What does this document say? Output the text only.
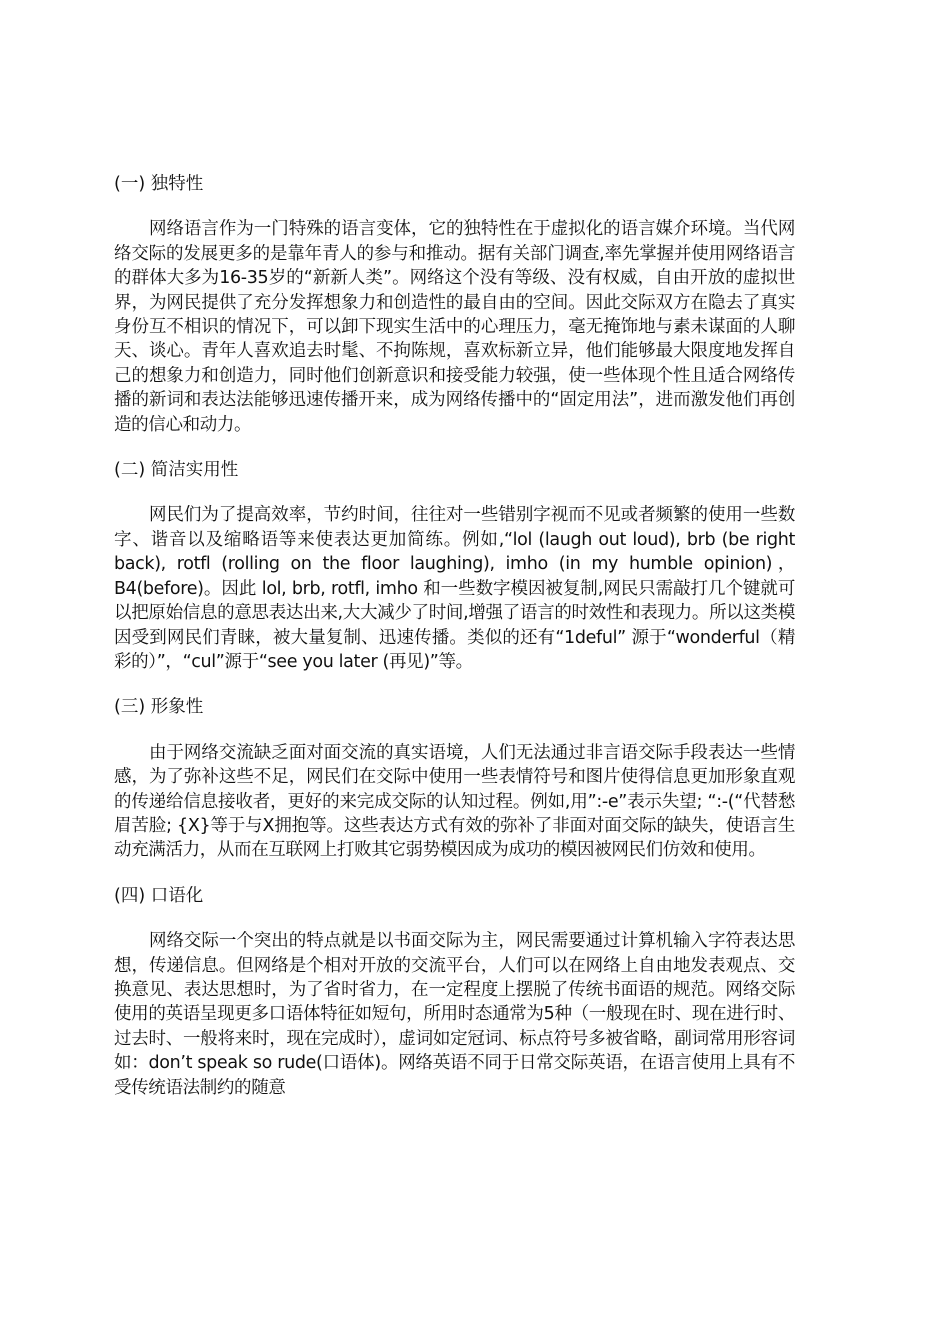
(一) 独特性

网络语言作为一门特殊的语言变体，它的独特性在于虚拟化的语言媒介环境。当代网络交际的发展更多的是靠年青人的参与和推动。据有关部门调查,率先掌握并使用网络语言的群体大多为16-35岁的“新新人类”。网络这个没有等级、没有权威，自由开放的虚拟世界，为网民提供了充分发挥想象力和创造性的最自由的空间。因此交际双方在隐去了真实身份互不相识的情况下，可以卸下现实生活中的心理压力，毫无掩饰地与素未谋面的人聊天、谈心。青年人喜欢追去时髦、不拘陈规，喜欢标新立异，他们能够最大限度地发挥自己的想象力和创造力，同时他们创新意识和接受能力较强，使一些体现个性且适合网络传播的新词和表达法能够迅速传播开来，成为网络传播中的“固定用法”，进而激发他们再创造的信心和动力。

(二) 简洁实用性

网民们为了提高效率，节约时间，往往对一些错别字视而不见或者频繁的使用一些数字、谐音以及缩略语等来使表达更加简练。例如,“lol (laugh out loud), brb (be right back), rotfl (rolling on the floor laughing), imho (in my humble opinion)，B4(before)。因此 lol, brb, rotfl, imho 和一些数字模因被复制,网民只需敲打几个键就可以把原始信息的意思表达出来,大大减少了时间,增强了语言的时效性和表现力。所以这类模因受到网民们青睐，被大量复制、迅速传播。类似的还有“1deful” 源于“wonderful（精彩的）”，“cul”源于“see you later (再见)”等。

(三) 形象性

由于网络交流缺乏面对面交流的真实语境，人们无法通过非言语交际手段表达一些情感，为了弥补这些不足，网民们在交际中使用一些表情符号和图片使得信息更加形象直观的传递给信息接收者，更好的来完成交际的认知过程。例如,用”:-e”表示失望; “:-(“代替愁眉苦脸; {X}等于与X拥抱等。这些表达方式有效的弥补了非面对面交际的缺失，使语言生动充满活力，从而在互联网上打败其它弱势模因成为成功的模因被网民们仿效和使用。

(四) 口语化

网络交际一个突出的特点就是以书面交际为主，网民需要通过计算机输入字符表达思想，传递信息。但网络是个相对开放的交流平台，人们可以在网络上自由地发表观点、交换意见、表达思想时，为了省时省力，在一定程度上摆脱了传统书面语的规范。网络交际使用的英语呈现更多口语体特征如短句，所用时态通常为5种（一般现在时、现在进行时、过去时、一般将来时，现在完成时），虚词如定冠词、标点符号多被省略，副词常用形容词如：don’t speak so rude(口语体)。网络英语不同于日常交际英语，在语言使用上具有不受传统语法制约的随意
